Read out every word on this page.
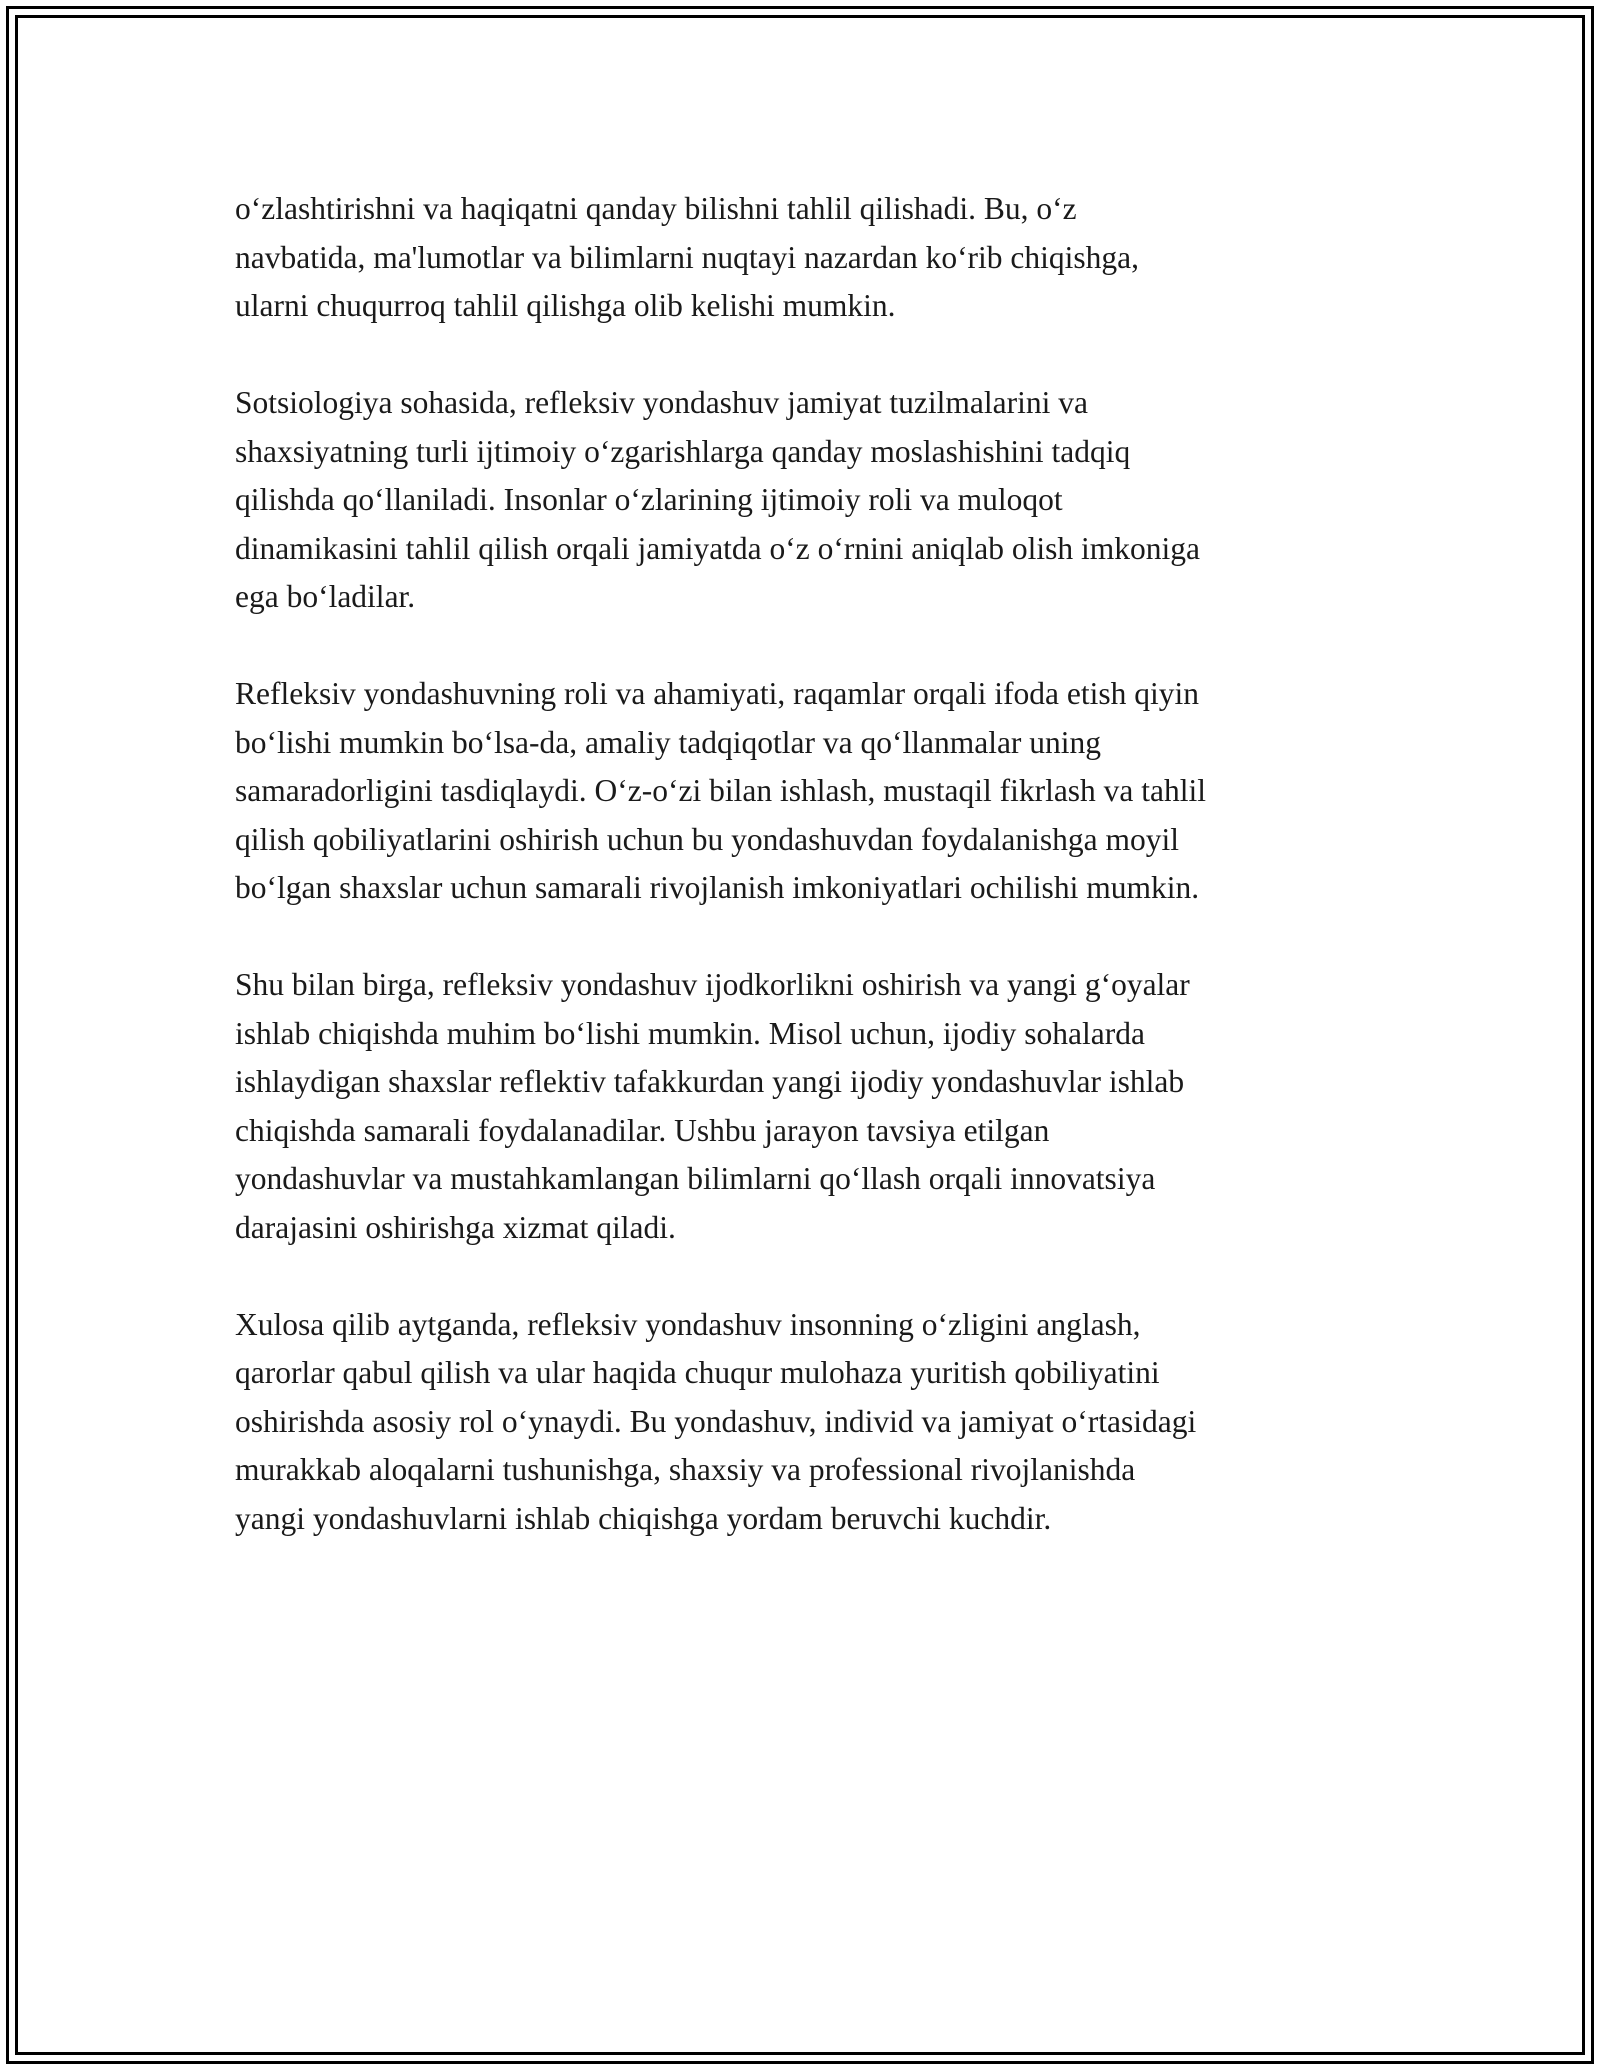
oʻzlashtirishni va haqiqatni qanday bilishni tahlil qilishadi. Bu, oʻz
navbatida, ma'lumotlar va bilimlarni nuqtayi nazardan koʻrib chiqishga,
ularni chuqurroq tahlil qilishga olib kelishi mumkin.

Sotsiologiya sohasida, refleksiv yondashuv jamiyat tuzilmalarini va
shaxsiyatning turli ijtimoiy oʻzgarishlarga qanday moslashishini tadqiq
qilishda qoʻllaniladi. Insonlar oʻzlarining ijtimoiy roli va muloqot
dinamikasini tahlil qilish orqali jamiyatda oʻz oʻrnini aniqlab olish imkoniga
ega boʻladilar.

Refleksiv yondashuvning roli va ahamiyati, raqamlar orqali ifoda etish qiyin
boʻlishi mumkin boʻlsa-da, amaliy tadqiqotlar va qoʻllanmalar uning
samaradorligini tasdiqlaydi. Oʻz-oʻzi bilan ishlash, mustaqil fikrlash va tahlil
qilish qobiliyatlarini oshirish uchun bu yondashuvdan foydalanishga moyil
boʻlgan shaxslar uchun samarali rivojlanish imkoniyatlari ochilishi mumkin.

Shu bilan birga, refleksiv yondashuv ijodkorlikni oshirish va yangi gʻoyalar
ishlab chiqishda muhim boʻlishi mumkin. Misol uchun, ijodiy sohalarda
ishlaydigan shaxslar reflektiv tafakkurdan yangi ijodiy yondashuvlar ishlab
chiqishda samarali foydalanadilar. Ushbu jarayon tavsiya etilgan
yondashuvlar va mustahkamlangan bilimlarni qoʻllash orqali innovatsiya
darajasini oshirishga xizmat qiladi.

Xulosa qilib aytganda, refleksiv yondashuv insonning oʻzligini anglash,
qarorlar qabul qilish va ular haqida chuqur mulohaza yuritish qobiliyatini
oshirishda asosiy rol oʻynaydi. Bu yondashuv, individ va jamiyat oʻrtasidagi
murakkab aloqalarni tushunishga, shaxsiy va professional rivojlanishda
yangi yondashuvlarni ishlab chiqishga yordam beruvchi kuchdir.
